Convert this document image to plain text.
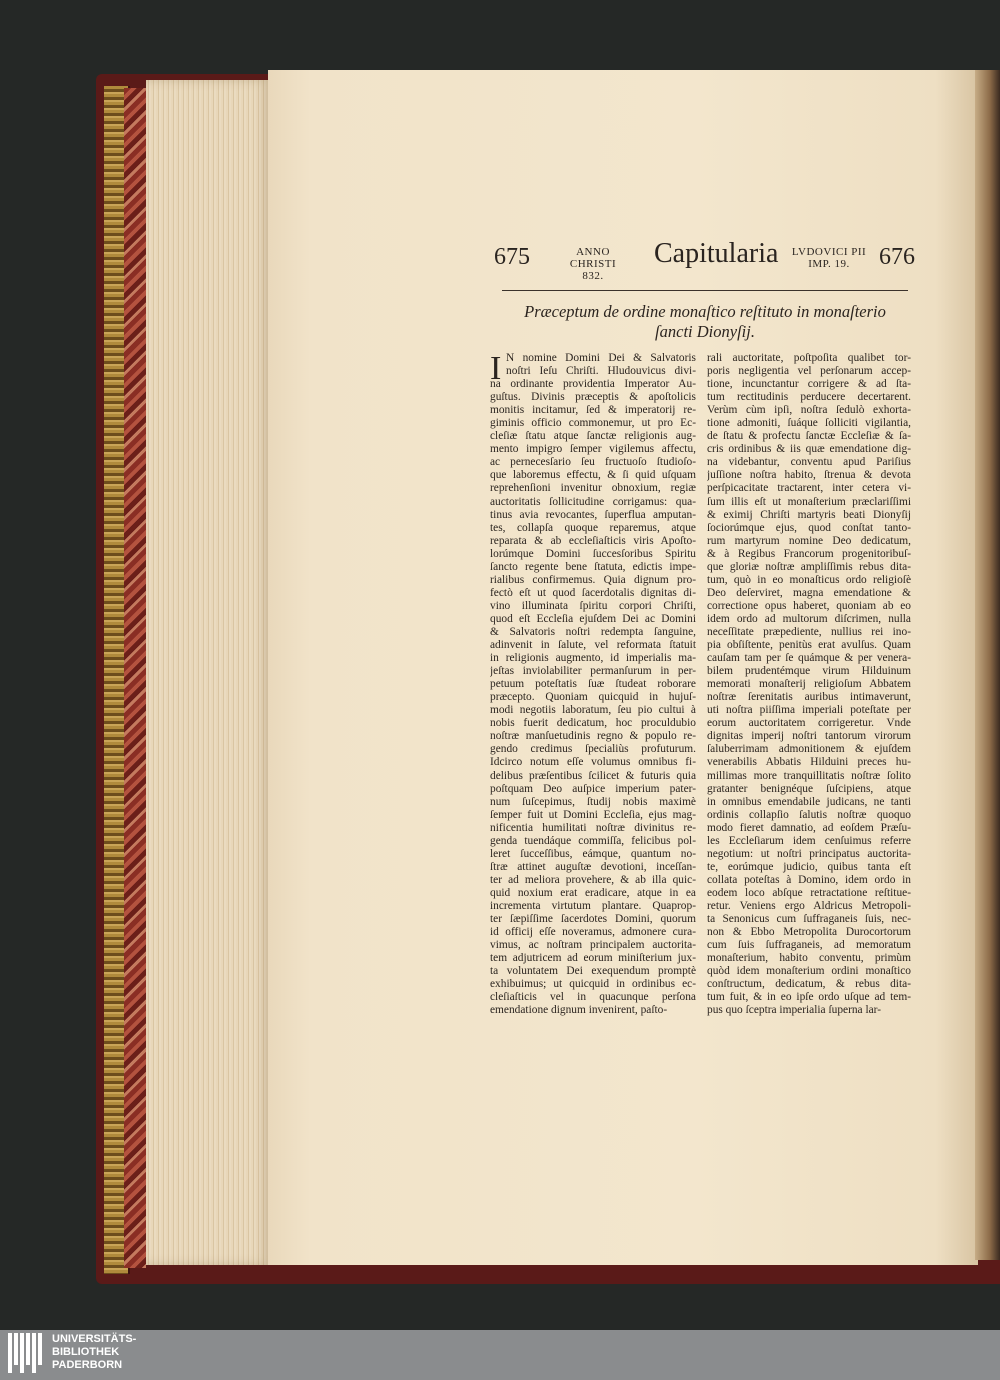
675	ANNO CHRISTI
832.
Capitularia	LVDOVICI PII
IMP. 19.	676
Præceptum de ordine monaſtico reſtituto in monaſterio
ſancti Dionyſij.
I N nomine Domini Dei & Salvatoris
noſtri Ieſu Chriſti. Hludouvicus divi-
na ordinante providentia Imperator Au-
guſtus. Divinis præceptis & apoſtolicis
monitis incitamur, ſed & imperatorij re-
giminis officio commonemur, ut pro Ec-
cleſiæ ſtatu atque ſanctæ religionis aug-
mento impigro ſemper vigilemus affectu,
ac pernecesſario ſeu fructuoſo ſtudioſo-
que laboremus effectu, & ſi quid uſquam
reprehenſioni invenitur obnoxium, regiæ
auctoritatis ſollicitudine corrigamus: qua-
tinus avia revocantes, ſuperflua amputan-
tes, collapſa quoque reparemus, atque
reparata & ab eccleſiaſticis viris Apoſto-
lorúmque Domini ſuccesſoribus Spiritu
ſancto regente bene ſtatuta, edictis impe-
rialibus confirmemus. Quia dignum pro-
fectò eſt ut quod ſacerdotalis dignitas di-
vino illuminata ſpiritu corpori Chriſti,
quod eſt Eccleſia ejuſdem Dei ac Domini
& Salvatoris noſtri redempta ſanguine,
adinvenit in ſalute, vel reformata ſtatuit
in religionis augmento, id imperialis ma-
jeſtas inviolabiliter permanſurum in per-
petuum poteſtatis ſuæ ſtudeat roborare
præcepto. Quoniam quicquid in hujuſ-
modi negotiis laboratum, ſeu pio cultui à
nobis fuerit dedicatum, hoc proculdubio
noſtræ manſuetudinis regno & populo re-
gendo credimus ſpecialiùs profuturum.
Idcirco notum eſſe volumus omnibus fi-
delibus præſentibus ſcilicet & futuris quia
poſtquam Deo auſpice imperium pater-
num ſuſcepimus, ſtudij nobis maximè
ſemper fuit ut Domini Eccleſia, ejus mag-
nificentia humilitati noſtræ divinitus re-
genda tuendáque commiſſa, felicibus pol-
leret ſucceſſibus, eámque, quantum no-
ſtræ attinet auguſtæ devotioni, inceſſan-
ter ad meliora provehere, & ab illa quic-
quid noxium erat eradicare, atque in ea
incrementa virtutum plantare. Quaprop-
ter ſæpiſſime ſacerdotes Domini, quorum
id officij eſſe noveramus, admonere cura-
vimus, ac noſtram principalem auctorita-
tem adjutricem ad eorum miniſterium jux-
ta voluntatem Dei exequendum promptè
exhibuimus; ut quicquid in ordinibus ec-
cleſiaſticis vel in quacunque perſona
emendatione dignum invenirent, paſto-
rali auctoritate, poſtpoſita qualibet tor-
poris negligentia vel perſonarum accep-
tione, incunctantur corrigere & ad ſta-
tum rectitudinis perducere decertarent.
Verùm cùm ipſi, noſtra ſedulò exhorta-
tione admoniti, ſuáque ſolliciti vigilantia,
de ſtatu & profectu ſanctæ Eccleſiæ & ſa-
cris ordinibus & iis quæ emendatione dig-
na videbantur, conventu apud Pariſius
juſſione noſtra habito, ſtrenua & devota
perſpicacitate tractarent, inter cetera vi-
ſum illis eſt ut monaſterium præclariſſimi
& eximij Chriſti martyris beati Dionyſij
ſociorúmque ejus, quod conſtat tanto-
rum martyrum nomine Deo dedicatum,
& à Regibus Francorum progenitoribuſ-
que gloriæ noſtræ ampliſſimis rebus dita-
tum, quò in eo monaſticus ordo religioſè
Deo deſerviret, magna emendatione &
correctione opus haberet, quoniam ab eo
idem ordo ad multorum diſcrimen, nulla
neceſſitate præpediente, nullius rei ino-
pia obſiſtente, penitùs erat avulſus. Quam
cauſam tam per ſe quámque & per venera-
bilem prudentémque virum Hilduinum
memorati monaſterij religioſum Abbatem
noſtræ ſerenitatis auribus intimaverunt,
uti noſtra piiſſima imperiali poteſtate per
eorum auctoritatem corrigeretur. Vnde
dignitas imperij noſtri tantorum virorum
ſaluberrimam admonitionem & ejuſdem
venerabilis Abbatis Hilduini preces hu-
millimas more tranquillitatis noſtræ ſolito
gratanter benignéque ſuſcipiens, atque
in omnibus emendabile judicans, ne tanti
ordinis collapſio ſalutis noſtræ quoquo
modo fieret damnatio, ad eoſdem Præſu-
les Eccleſiarum idem cenſuimus referre
negotium: ut noſtri principatus auctorita-
te, eorúmque judicio, quibus tanta eſt
collata poteſtas à Domino, idem ordo in
eodem loco abſque retractatione reſtitue-
retur. Veniens ergo Aldricus Metropoli-
ta Senonicus cum ſuffraganeis ſuis, nec-
non & Ebbo Metropolita Durocortorum
cum ſuis ſuffraganeis, ad memoratum
monaſterium, habito conventu, primùm
quòd idem monaſterium ordini monaſtico
conſtructum, dedicatum, & rebus dita-
tum fuit, & in eo ipſe ordo uſque ad tem-
pus quo ſceptra imperialia ſuperna lar-
UNIVERSITÄTS-
BIBLIOTHEK
PADERBORN
